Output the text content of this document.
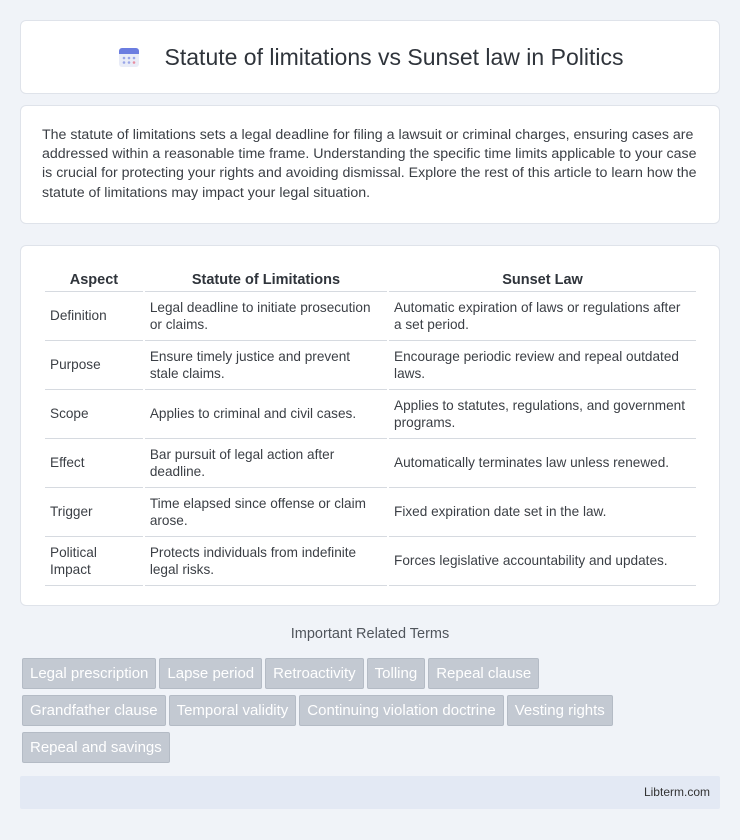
Statute of limitations vs Sunset law in Politics

The statute of limitations sets a legal deadline for filing a lawsuit or criminal charges, ensuring cases are addressed within a reasonable time frame. Understanding the specific time limits applicable to your case is crucial for protecting your rights and avoiding dismissal. Explore the rest of this article to learn how the statute of limitations may impact your legal situation.

Aspect	Statute of Limitations	Sunset Law
Definition	Legal deadline to initiate prosecution or claims.	Automatic expiration of laws or regulations after a set period.
Purpose	Ensure timely justice and prevent stale claims.	Encourage periodic review and repeal outdated laws.
Scope	Applies to criminal and civil cases.	Applies to statutes, regulations, and government programs.
Effect	Bar pursuit of legal action after deadline.	Automatically terminates law unless renewed.
Trigger	Time elapsed since offense or claim arose.	Fixed expiration date set in the law.
Political Impact	Protects individuals from indefinite legal risks.	Forces legislative accountability and updates.
Important Related Terms
Legal prescription	Lapse period	Retroactivity	Tolling	Repeal clause
Grandfather clause	Temporal validity	Continuing violation doctrine	Vesting rights
Repeal and savings
Libterm.com
